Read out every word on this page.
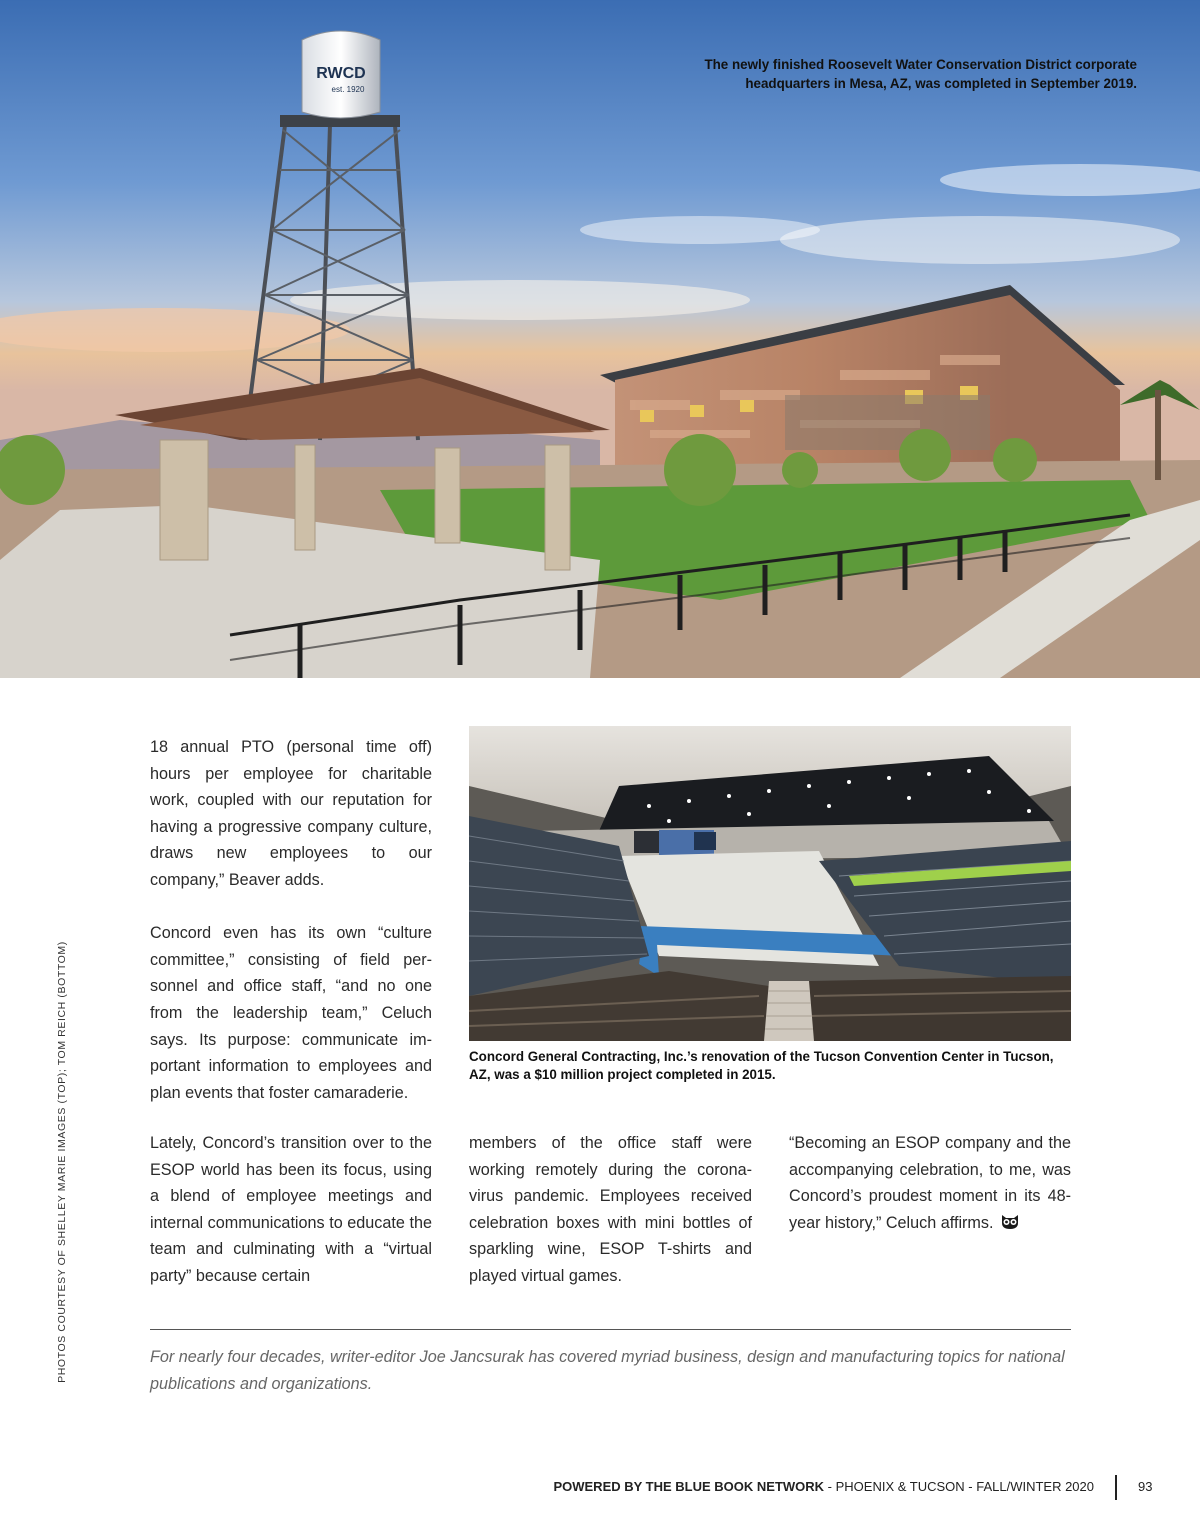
RWCD
est. 1920
The newly finished Roosevelt Water Conservation District corporate
headquarters in Mesa, AZ, was completed in September 2019.
PHOTOS COURTESY OF SHELLEY MARIE IMAGES (TOP); TOM REICH (BOTTOM)

18 annual PTO (personal time off) hours per employee for charitable work, coupled with our reputation for having a progressive company culture, draws new employees to our company,” Beaver adds.

Concord even has its own “culture committee,” consisting of field per-sonnel and office staff, “and no one from the leadership team,” Celuch says. Its purpose: communicate im-portant information to employees and plan events that foster camaraderie.

Concord General Contracting, Inc.’s renovation of the Tucson Convention Center in Tucson, AZ, was a $10 million project completed in 2015.

Lately, Concord’s transition over to the ESOP world has been its focus, using a blend of employee meetings and internal communications to educate the team and culminating with a “virtual party” because certain

members of the office staff were working remotely during the corona-virus pandemic. Employees received celebration boxes with mini bottles of sparkling wine, ESOP T-shirts and played virtual games.

“Becoming an ESOP company and the accompanying celebration, to me, was Concord’s proudest moment in its 48-year history,” Celuch affirms.

For nearly four decades, writer-editor Joe Jancsurak has covered myriad business, design and manufacturing topics for national publications and organizations.
POWERED BY THE BLUE BOOK NETWORK - PHOENIX & TUCSON - FALL/WINTER 2020	93
